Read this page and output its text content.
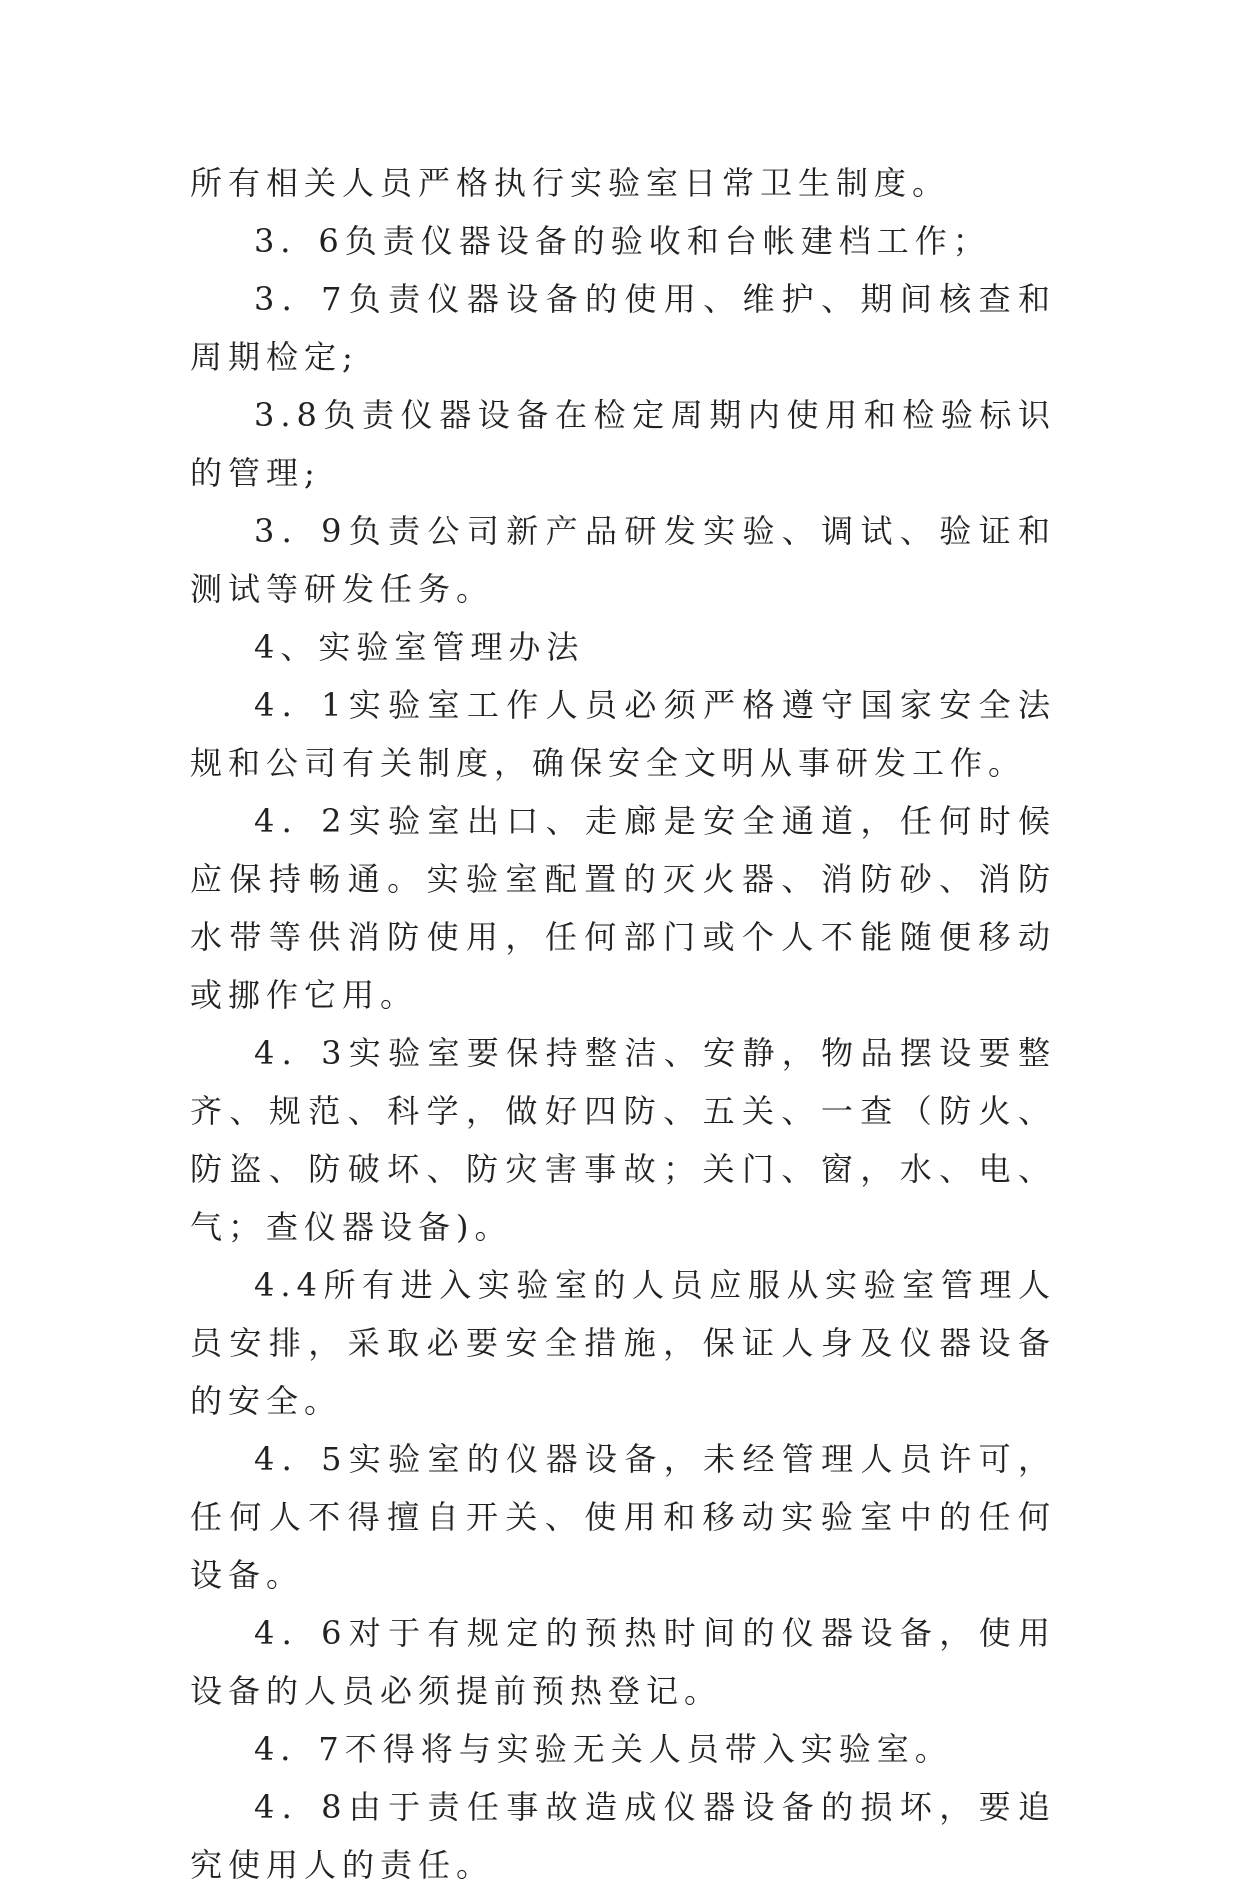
所有相关人员严格执行实验室日常卫生制度。

3．6负责仪器设备的验收和台帐建档工作；

3．7负责仪器设备的使用、维护、期间核查和周期检定;

3.8负责仪器设备在检定周期内使用和检验标识的管理;

3．9负责公司新产品研发实验、调试、验证和测试等研发任务。

4、实验室管理办法

4．1实验室工作人员必须严格遵守国家安全法规和公司有关制度，确保安全文明从事研发工作。

4．2实验室出口、走廊是安全通道，任何时候应保持畅通。实验室配置的灭火器、消防砂、消防水带等供消防使用，任何部门或个人不能随便移动或挪作它用。

4．3实验室要保持整洁、安静，物品摆设要整齐、规范、科学，做好四防、五关、一查（防火、防盗、防破坏、防灾害事故；关门、窗，水、电、气；查仪器设备)。

4.4所有进入实验室的人员应服从实验室管理人员安排，采取必要安全措施，保证人身及仪器设备的安全。

4．5实验室的仪器设备，未经管理人员许可，任何人不得擅自开关、使用和移动实验室中的任何设备。

4．6对于有规定的预热时间的仪器设备，使用设备的人员必须提前预热登记。

4．7不得将与实验无关人员带入实验室。

4．8由于责任事故造成仪器设备的损坏，要追究使用人的责任。
